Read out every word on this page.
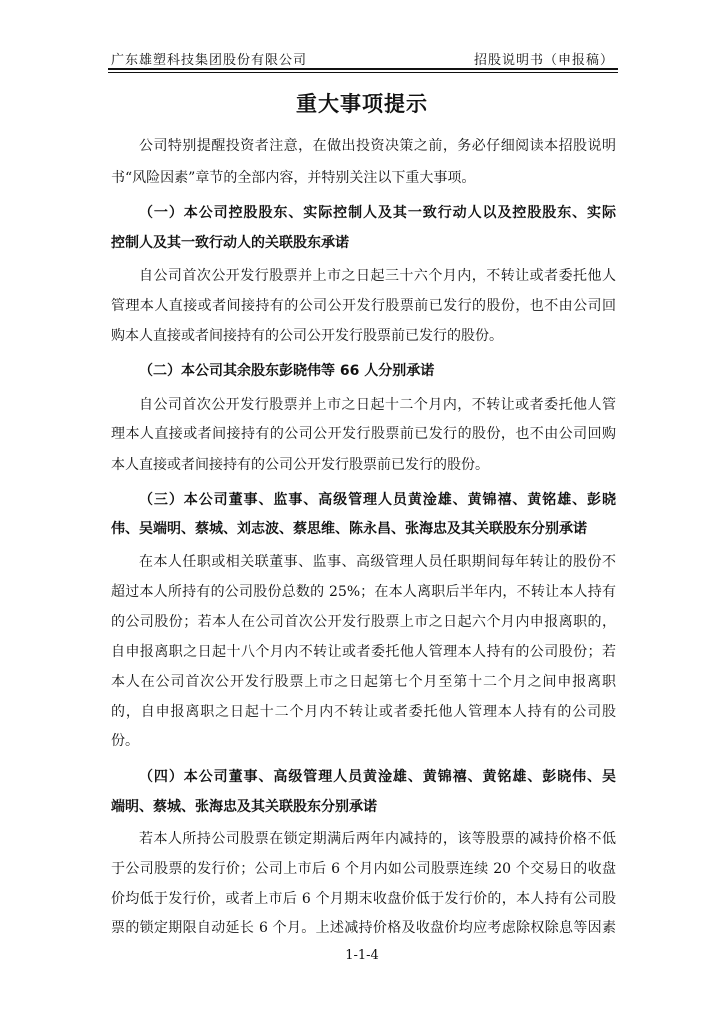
广东雄塑科技集团股份有限公司	招股说明书（申报稿）
重大事项提示
公司特别提醒投资者注意，在做出投资决策之前，务必仔细阅读本招股说明
书“风险因素”章节的全部内容，并特别关注以下重大事项。
（一）本公司控股股东、实际控制人及其一致行动人以及控股股东、实际
控制人及其一致行动人的关联股东承诺
自公司首次公开发行股票并上市之日起三十六个月内，不转让或者委托他人
管理本人直接或者间接持有的公司公开发行股票前已发行的股份，也不由公司回
购本人直接或者间接持有的公司公开发行股票前已发行的股份。
（二）本公司其余股东彭晓伟等 66 人分别承诺
自公司首次公开发行股票并上市之日起十二个月内，不转让或者委托他人管
理本人直接或者间接持有的公司公开发行股票前已发行的股份，也不由公司回购
本人直接或者间接持有的公司公开发行股票前已发行的股份。
（三）本公司董事、监事、高级管理人员黄淦雄、黄锦禧、黄铭雄、彭晓
伟、吴端明、蔡城、刘志波、蔡思维、陈永昌、张海忠及其关联股东分别承诺
在本人任职或相关联董事、监事、高级管理人员任职期间每年转让的股份不
超过本人所持有的公司股份总数的 25%；在本人离职后半年内，不转让本人持有
的公司股份；若本人在公司首次公开发行股票上市之日起六个月内申报离职的，
自申报离职之日起十八个月内不转让或者委托他人管理本人持有的公司股份；若
本人在公司首次公开发行股票上市之日起第七个月至第十二个月之间申报离职
的，自申报离职之日起十二个月内不转让或者委托他人管理本人持有的公司股
份。
（四）本公司董事、高级管理人员黄淦雄、黄锦禧、黄铭雄、彭晓伟、吴
端明、蔡城、张海忠及其关联股东分别承诺
若本人所持公司股票在锁定期满后两年内减持的，该等股票的减持价格不低
于公司股票的发行价；公司上市后 6 个月内如公司股票连续 20 个交易日的收盘
价均低于发行价，或者上市后 6 个月期末收盘价低于发行价的，本人持有公司股
票的锁定期限自动延长 6 个月。上述减持价格及收盘价均应考虑除权除息等因素
1-1-4
